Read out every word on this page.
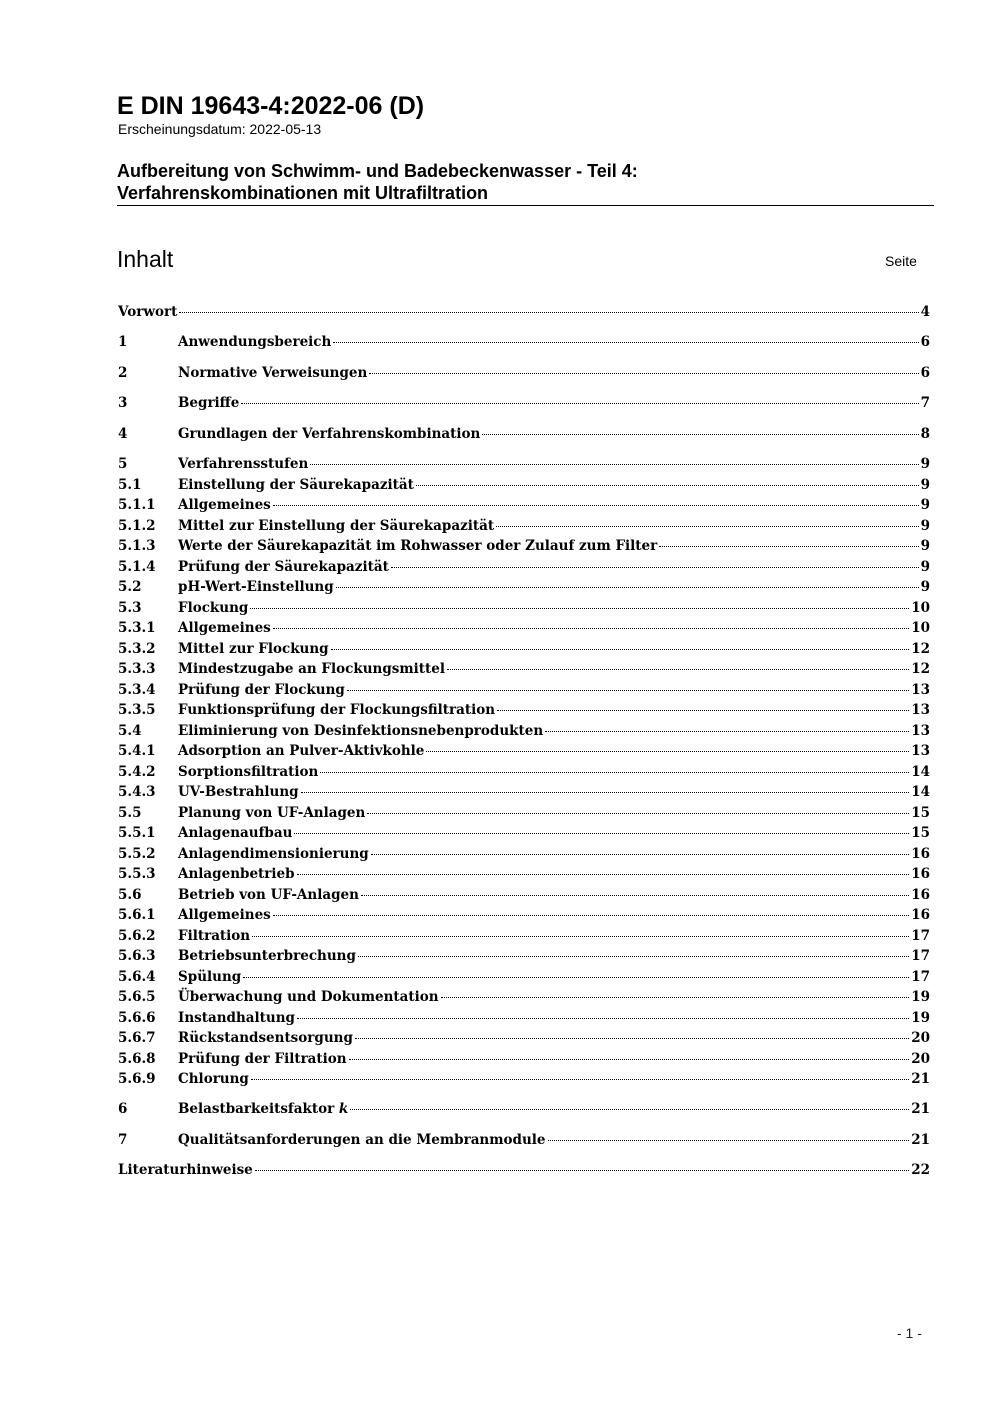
E DIN 19643-4:2022-06 (D)
Erscheinungsdatum: 2022-05-13
Aufbereitung von Schwimm- und Badebeckenwasser - Teil 4:
Verfahrenskombinationen mit Ultrafiltration
Inhalt	Seite
Vorwort	4
1	Anwendungsbereich	6
2	Normative Verweisungen	6
3	Begriffe	7
4	Grundlagen der Verfahrenskombination	8
5	Verfahrensstufen	9
5.1	Einstellung der Säurekapazität	9
5.1.1	Allgemeines	9
5.1.2	Mittel zur Einstellung der Säurekapazität	9
5.1.3	Werte der Säurekapazität im Rohwasser oder Zulauf zum Filter	9
5.1.4	Prüfung der Säurekapazität	9
5.2	pH-Wert-Einstellung	9
5.3	Flockung	10
5.3.1	Allgemeines	10
5.3.2	Mittel zur Flockung	12
5.3.3	Mindestzugabe an Flockungsmittel	12
5.3.4	Prüfung der Flockung	13
5.3.5	Funktionsprüfung der Flockungsfiltration	13
5.4	Eliminierung von Desinfektionsnebenprodukten	13
5.4.1	Adsorption an Pulver-Aktivkohle	13
5.4.2	Sorptionsfiltration	14
5.4.3	UV-Bestrahlung	14
5.5	Planung von UF-Anlagen	15
5.5.1	Anlagenaufbau	15
5.5.2	Anlagendimensionierung	16
5.5.3	Anlagenbetrieb	16
5.6	Betrieb von UF-Anlagen	16
5.6.1	Allgemeines	16
5.6.2	Filtration	17
5.6.3	Betriebsunterbrechung	17
5.6.4	Spülung	17
5.6.5	Überwachung und Dokumentation	19
5.6.6	Instandhaltung	19
5.6.7	Rückstandsentsorgung	20
5.6.8	Prüfung der Filtration	20
5.6.9	Chlorung	21
6	Belastbarkeitsfaktor k	21
7	Qualitätsanforderungen an die Membranmodule	21
Literaturhinweise	22
- 1 -
